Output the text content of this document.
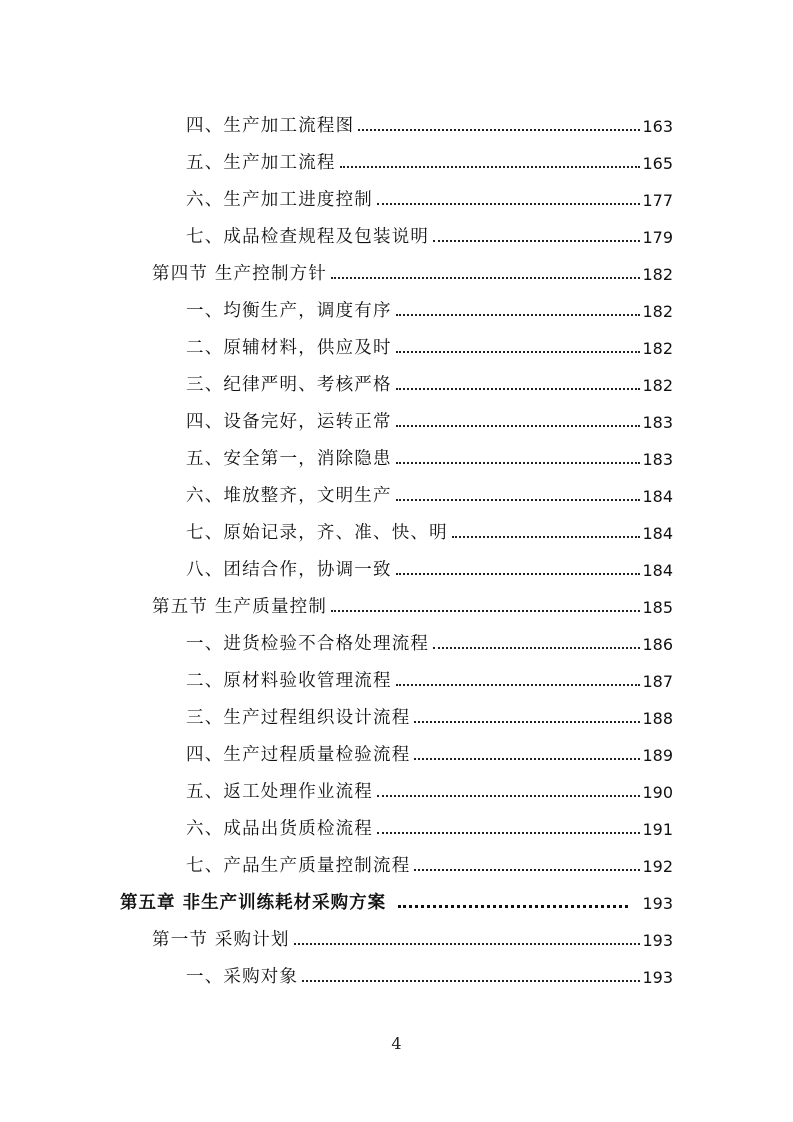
四、生产加工流程图	163
五、生产加工流程	165
六、生产加工进度控制	177
七、成品检查规程及包装说明	179
第四节 生产控制方针	182
一、均衡生产，调度有序	182
二、原辅材料，供应及时	182
三、纪律严明、考核严格	182
四、设备完好，运转正常	183
五、安全第一，消除隐患	183
六、堆放整齐，文明生产	184
七、原始记录，齐、准、快、明	184
八、团结合作，协调一致	184
第五节 生产质量控制	185
一、进货检验不合格处理流程	186
二、原材料验收管理流程	187
三、生产过程组织设计流程	188
四、生产过程质量检验流程	189
五、返工处理作业流程	190
六、成品出货质检流程	191
七、产品生产质量控制流程	192
第五章 非生产训练耗材采购方案	193
第一节 采购计划	193
一、采购对象	193
4
